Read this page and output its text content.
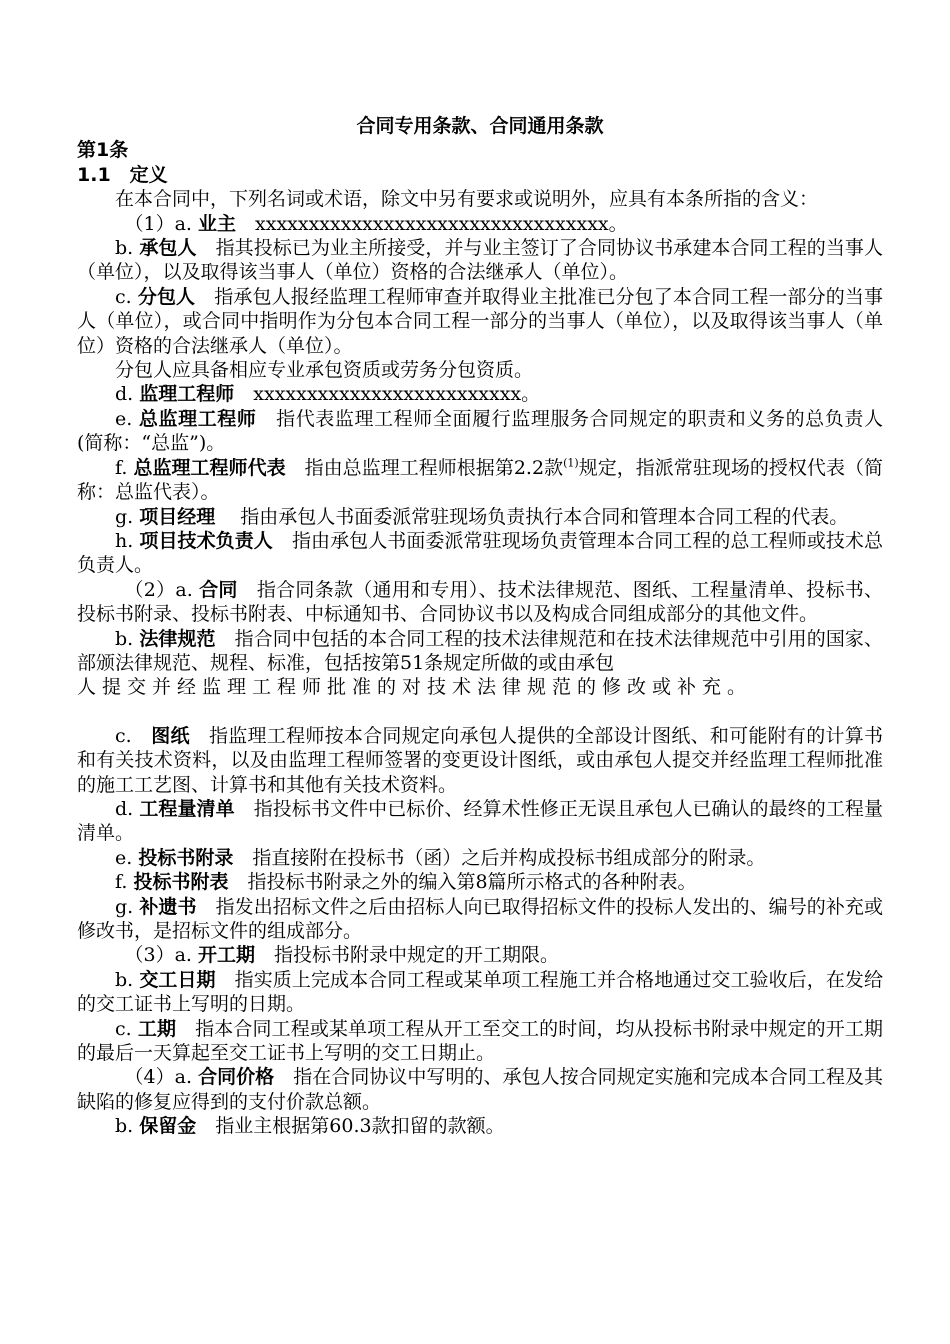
合同专用条款、合同通用条款
第1条
1.1　定义

在本合同中，下列名词或术语，除文中另有要求或说明外，应具有本条所指的含义：

（1）a. 业主　xxxxxxxxxxxxxxxxxxxxxxxxxxxxxxxxx。

b. 承包人　指其投标已为业主所接受，并与业主签订了合同协议书承建本合同工程的当事人（单位），以及取得该当事人（单位）资格的合法继承人（单位）。

c. 分包人　指承包人报经监理工程师审查并取得业主批准已分包了本合同工程一部分的当事人（单位），或合同中指明作为分包本合同工程一部分的当事人（单位），以及取得该当事人（单位）资格的合法继承人（单位）。

分包人应具备相应专业承包资质或劳务分包资质。

d. 监理工程师　xxxxxxxxxxxxxxxxxxxxxxxxx。

e. 总监理工程师　指代表监理工程师全面履行监理服务合同规定的职责和义务的总负责人(简称：“总监”)。

f. 总监理工程师代表　指由总监理工程师根据第2.2款$^{(1)}$规定，指派常驻现场的授权代表（简称：总监代表）。

g. 项目经理　 指由承包人书面委派常驻现场负责执行本合同和管理本合同工程的代表。

h. 项目技术负责人　指由承包人书面委派常驻现场负责管理本合同工程的总工程师或技术总负责人。

（2）a. 合同　指合同条款（通用和专用）、技术法律规范、图纸、工程量清单、投标书、投标书附录、投标书附表、中标通知书、合同协议书以及构成合同组成部分的其他文件。

b. 法律规范　指合同中包括的本合同工程的技术法律规范和在技术法律规范中引用的国家、部颁法律规范、规程、标准，包括按第51条规定所做的或由承包
人提交并经监理工程师批准的对技术法律规范的修改或补充。

c.　图纸　指监理工程师按本合同规定向承包人提供的全部设计图纸、和可能附有的计算书和有关技术资料，以及由监理工程师签署的变更设计图纸，或由承包人提交并经监理工程师批准的施工工艺图、计算书和其他有关技术资料。

d. 工程量清单　指投标书文件中已标价、经算术性修正无误且承包人已确认的最终的工程量清单。

e. 投标书附录　指直接附在投标书（函）之后并构成投标书组成部分的附录。

f. 投标书附表　指投标书附录之外的编入第8篇所示格式的各种附表。

g. 补遗书　指发出招标文件之后由招标人向已取得招标文件的投标人发出的、编号的补充或修改书，是招标文件的组成部分。

（3）a. 开工期　指投标书附录中规定的开工期限。

b. 交工日期　指实质上完成本合同工程或某单项工程施工并合格地通过交工验收后，在发给的交工证书上写明的日期。

c. 工期　指本合同工程或某单项工程从开工至交工的时间，均从投标书附录中规定的开工期的最后一天算起至交工证书上写明的交工日期止。

（4）a. 合同价格　指在合同协议中写明的、承包人按合同规定实施和完成本合同工程及其缺陷的修复应得到的支付价款总额。

b. 保留金　指业主根据第60.3款扣留的款额。
